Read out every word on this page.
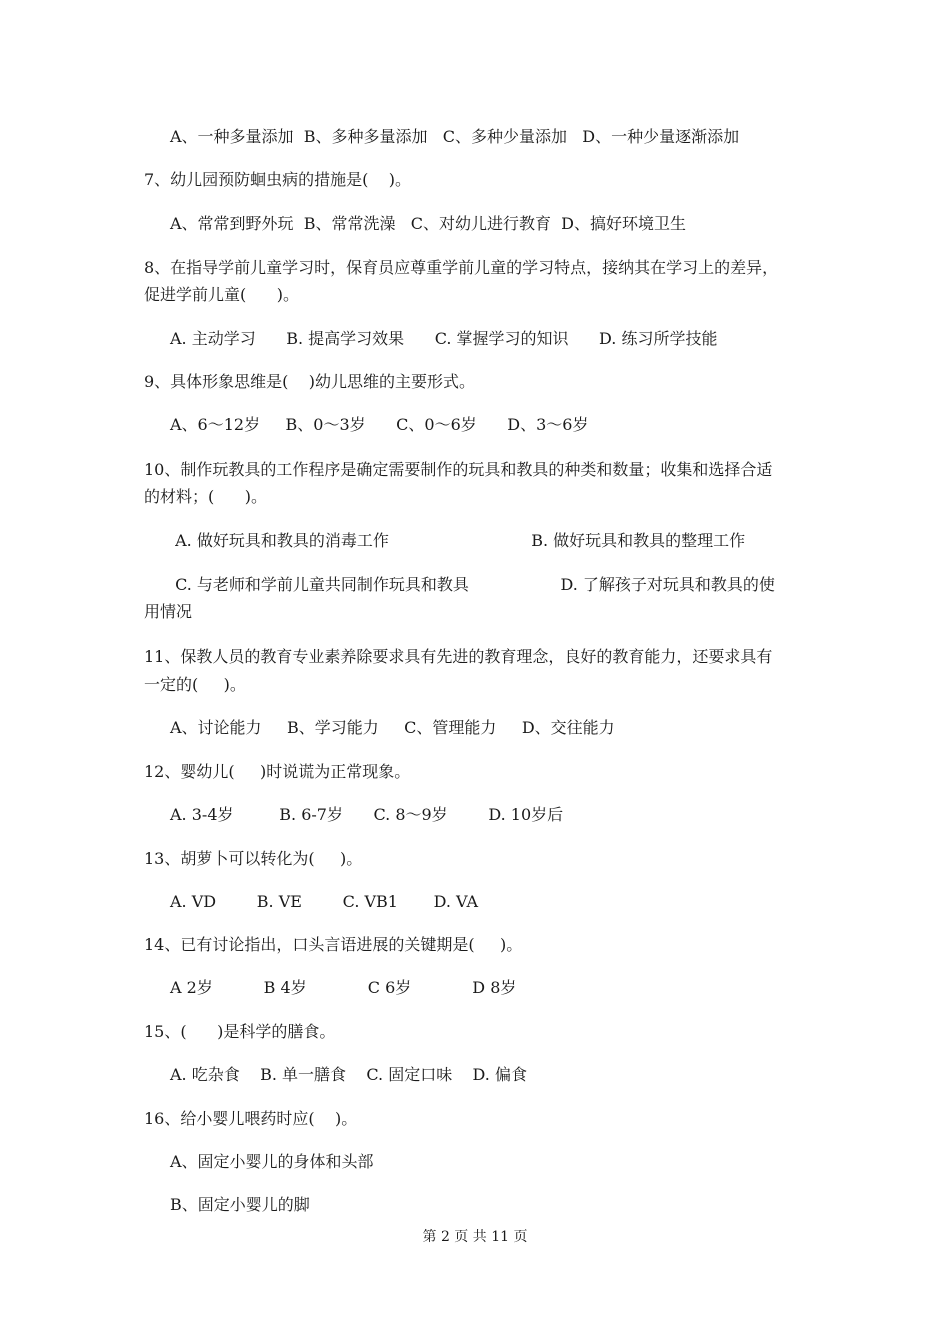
A、一种多量添加  B、多种多量添加   C、多种少量添加   D、一种少量逐渐添加
7、幼儿园预防蛔虫病的措施是(    )。
A、常常到野外玩  B、常常洗澡   C、对幼儿进行教育  D、搞好环境卫生
8、在指导学前儿童学习时，保育员应尊重学前儿童的学习特点，接纳其在学习上的差异，
促进学前儿童(      )。
A. 主动学习      B. 提高学习效果      C. 掌握学习的知识      D. 练习所学技能
9、具体形象思维是(    )幼儿思维的主要形式。
A、6～12岁     B、0～3岁      C、0～6岁      D、3～6岁
10、制作玩教具的工作程序是确定需要制作的玩具和教具的种类和数量；收集和选择合适
的材料；(      )。
A. 做好玩具和教具的消毒工作                            B. 做好玩具和教具的整理工作
C. 与老师和学前儿童共同制作玩具和教具                  D. 了解孩子对玩具和教具的使
用情况
11、保教人员的教育专业素养除要求具有先进的教育理念，良好的教育能力，还要求具有
一定的(     )。
A、讨论能力     B、学习能力     C、管理能力     D、交往能力
12、婴幼儿(     )时说谎为正常现象。
A. 3-4岁         B. 6-7岁      C. 8～9岁        D. 10岁后
13、胡萝卜可以转化为(     )。
A. VD        B. VE        C. VB1       D. VA
14、已有讨论指出，口头言语进展的关键期是(     )。
A 2岁          B 4岁            C 6岁            D 8岁
15、(      )是科学的膳食。
A. 吃杂食    B. 单一膳食    C. 固定口味    D. 偏食
16、给小婴儿喂药时应(    )。
A、固定小婴儿的身体和头部
B、固定小婴儿的脚
第 2 页 共 11 页
